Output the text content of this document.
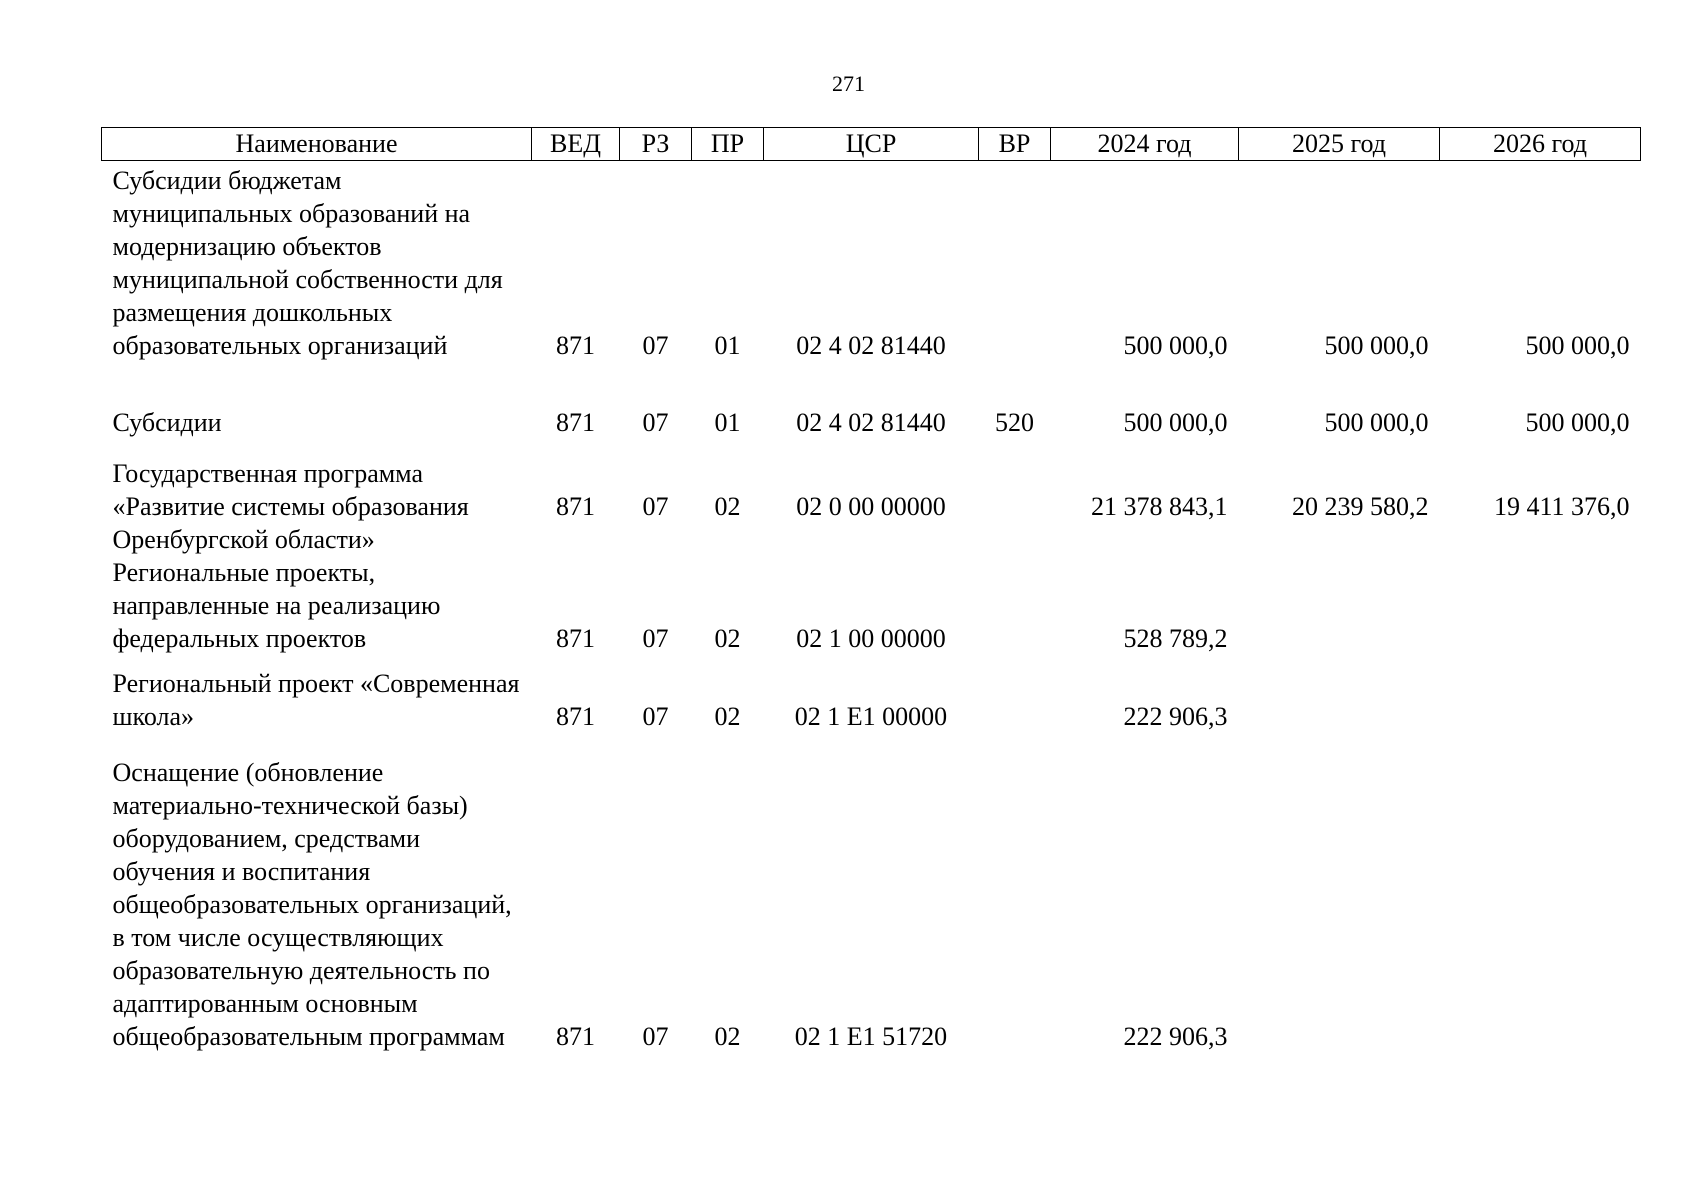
271
Наименование	ВЕД	РЗ	ПР	ЦСР	ВР	2024 год	2025 год	2026 год
Субсидии бюджетам муниципальных образований на модернизацию объектов муниципальной собственности для размещения дошкольных образовательных организаций	871	07	01	02 4 02 81440		500 000,0	500 000,0	500 000,0
Субсидии	871	07	01	02 4 02 81440	520	500 000,0	500 000,0	500 000,0
Государственная программа «Развитие системы образования Оренбургской области»	871	07	02	02 0 00 00000		21 378 843,1	20 239 580,2	19 411 376,0
Региональные проекты, направленные на реализацию федеральных проектов	871	07	02	02 1 00 00000		528 789,2		
Региональный проект «Современная школа»	871	07	02	02 1 E1 00000		222 906,3		
Оснащение (обновление материально-технической базы) оборудованием, средствами обучения и воспитания общеобразовательных организаций, в том числе осуществляющих образовательную деятельность по адаптированным основным общеобразовательным программам	871	07	02	02 1 E1 51720		222 906,3		
